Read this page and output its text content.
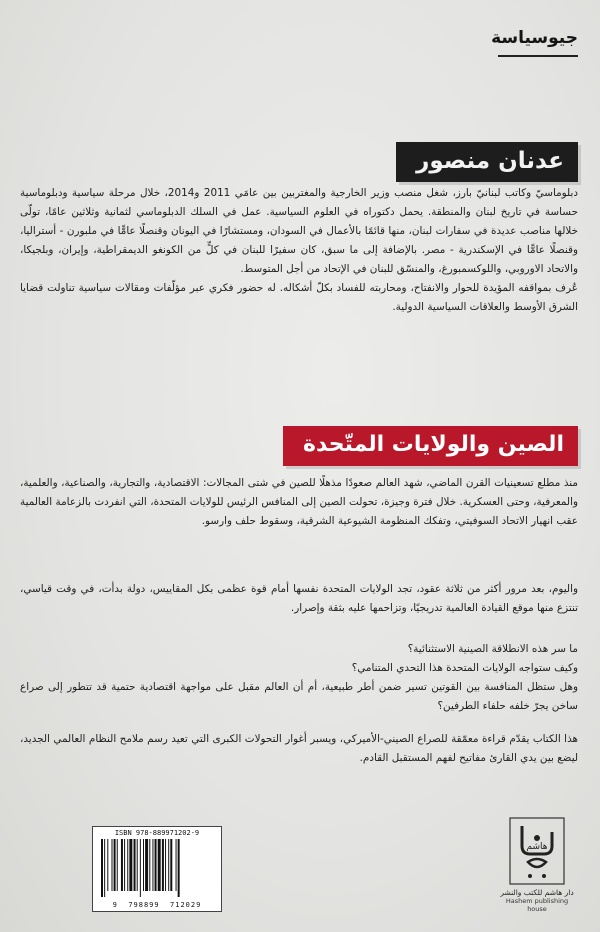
جيوسياسة
عدنان منصور

دبلوماسيّ وكاتب لبنانيّ بارز، شغل منصب وزير الخارجية والمغتربين بين عامَي 2011 و2014، خلال مرحلة سياسية ودبلوماسية حساسة في تاريخ لبنان والمنطقة. يحمل دكتوراه في العلوم السياسية. عمل في السلك الدبلوماسي لثمانية وثلاثين عامًا، تولّى خلالها مناصب عديدة في سفارات لبنان، منها قائمًا بالأعمال في السودان، ومستشارًا في اليونان وقنصلًا عامًّا في ملبورن - أستراليا، وقنصلًا عامًّا في الإسكندرية - مصر. بالإضافة إلى ما سبق، كان سفيرًا للبنان في كلٍّ من الكونغو الديمقراطية، وإيران، وبلجيكا، والاتحاد الاوروبي، واللوكسمبورغ، والمنسّق للبنان في الإتحاد من أجل المتوسط.

عُرف بمواقفه المؤيدة للحوار والانفتاح، ومحاربته للفساد بكلّ أشكاله. له حضور فكري عبر مؤلّفات ومقالات سياسية تناولت قضايا الشرق الأوسط والعلاقات السياسية الدولية.

الصين والولايات المتّحدة

منذ مطلع تسعينيات القرن الماضي، شهد العالم صعودًا مذهلًا للصين في شتى المجالات: الاقتصادية، والتجارية، والصناعية، والعلمية، والمعرفية، وحتى العسكرية. خلال فترة وجيزة، تحولت الصين إلى المنافس الرئيس للولايات المتحدة، التي انفردت بالزعامة العالمية عقب انهيار الاتحاد السوفيتي، وتفكك المنظومة الشيوعية الشرقية، وسقوط حلف وارسو.

واليوم، بعد مرور أكثر من ثلاثة عقود، تجد الولايات المتحدة نفسها أمام قوة عظمى بكل المقاييس، دولة بدأت، في وقت قياسي، تنتزع منها موقع القيادة العالمية تدريجيًا، وتزاحمها عليه بثقة وإصرار.

ما سر هذه الانطلاقة الصينية الاستثنائية؟

وكيف ستواجه الولايات المتحدة هذا التحدي المتنامي؟

وهل ستظل المنافسة بين القوتين تسير ضمن أطر طبيعية، أم أن العالم مقبل على مواجهة اقتصادية حتمية قد تتطور إلى صراع ساخن يجرّ خلفه حلفاء الطرفين؟

هذا الكتاب يقدّم قراءة معمّقة للصراع الصيني-الأميركي، ويسبر أغوار التحولات الكبرى التي تعيد رسم ملامح النظام العالمي الجديد، ليضع بين يدي القارئ مفاتيح لفهم المستقبل القادم.

ISBN 978-889971202-9
9  798899  712029
هاشم
دار هاشم للكتب والنشر
Hashem publishing house
